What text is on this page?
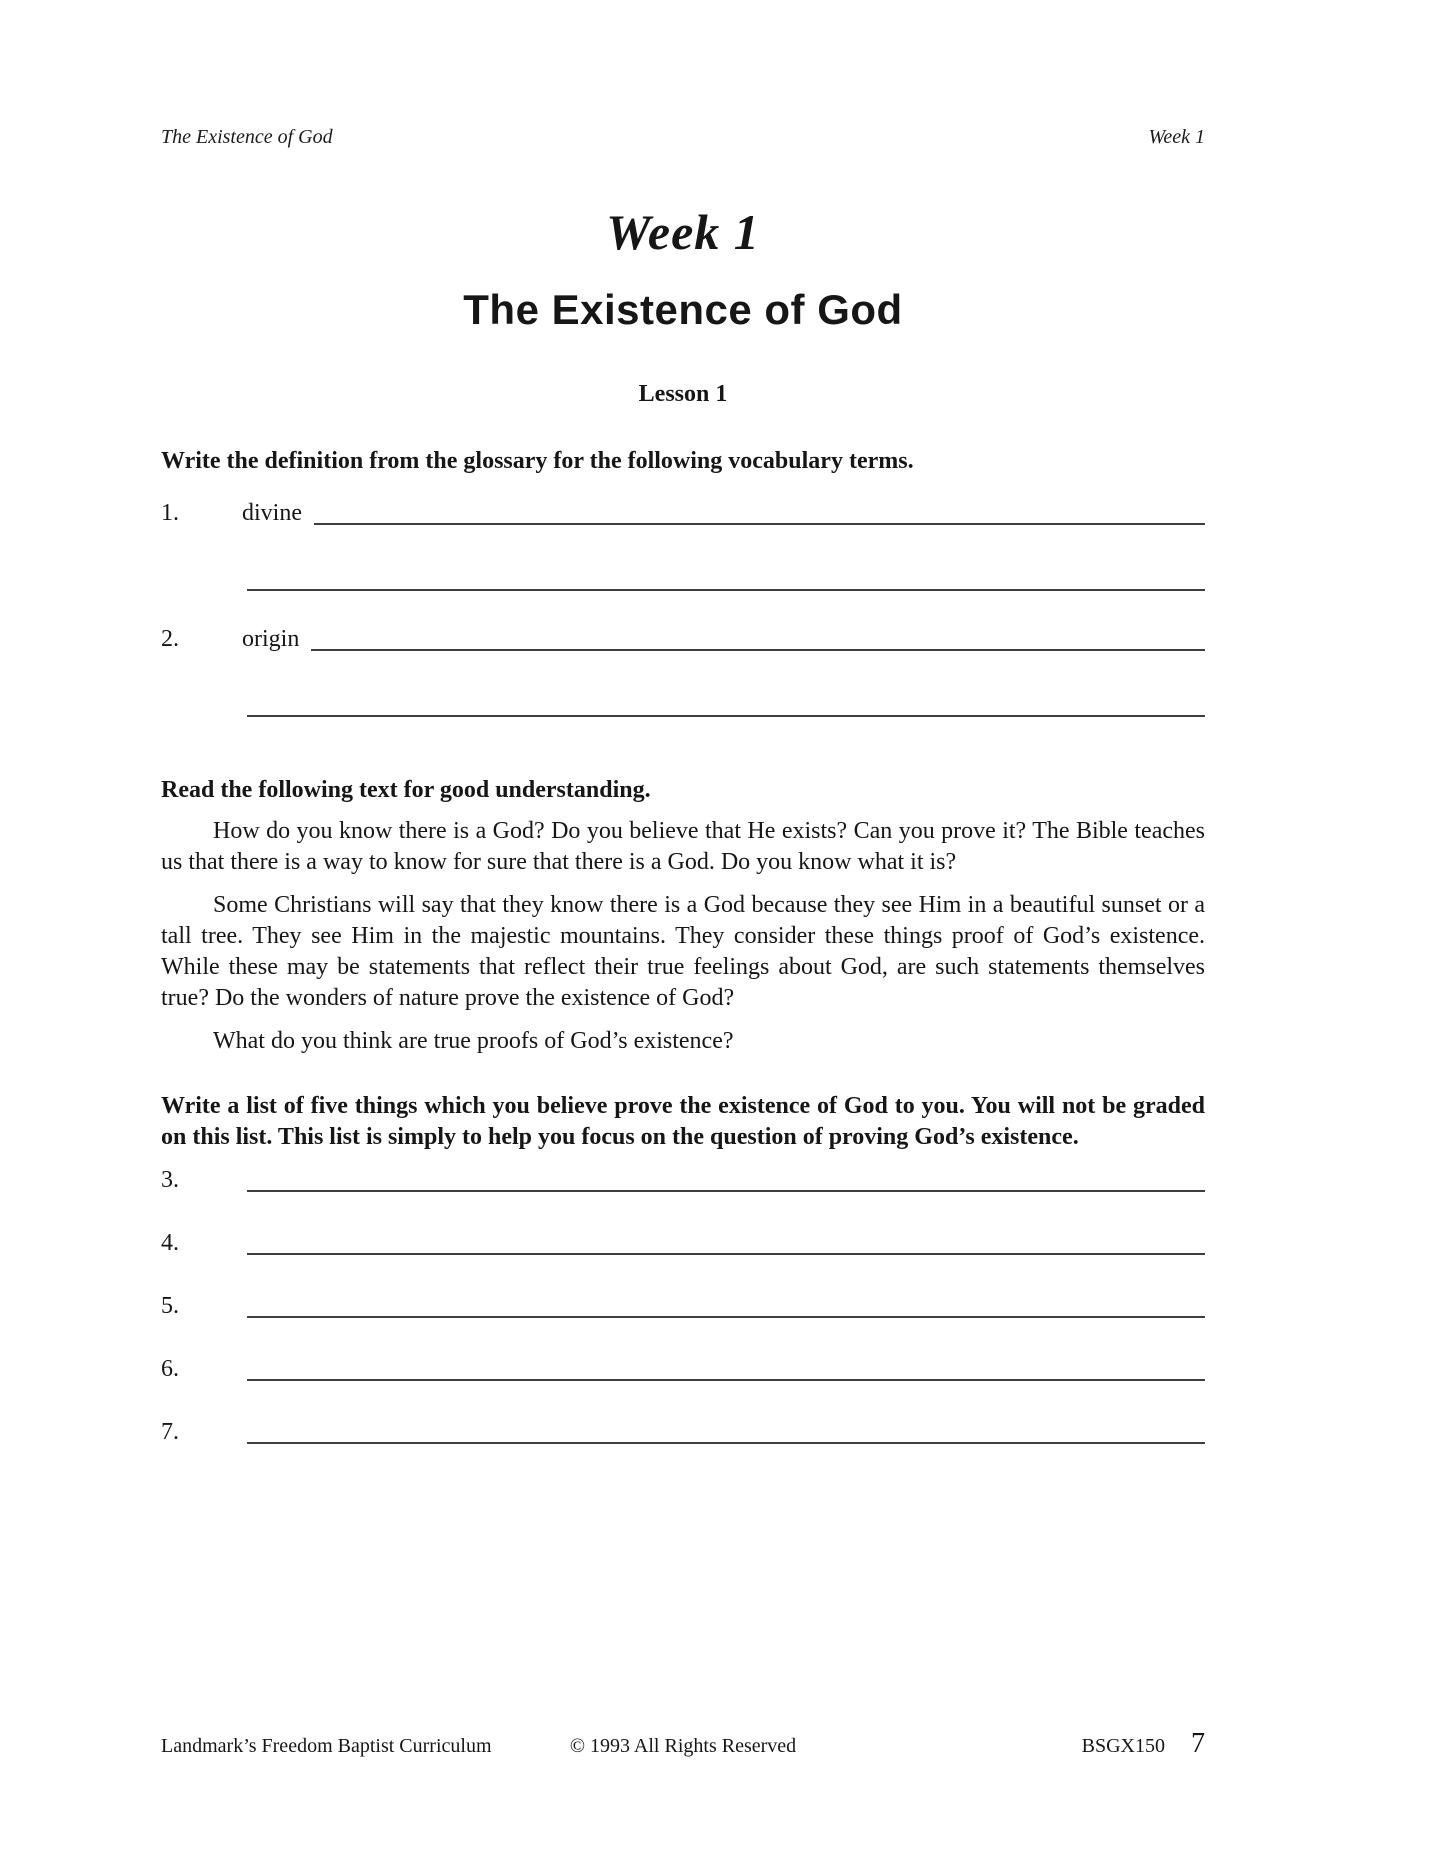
The Existence of God	Week 1
Week 1
The Existence of God
Lesson 1

Write the definition from the glossary for the following vocabulary terms.

1.	divine
2.	origin

Read the following text for good understanding.

How do you know there is a God? Do you believe that He exists? Can you prove it? The Bible teaches us that there is a way to know for sure that there is a God. Do you know what it is?

Some Christians will say that they know there is a God because they see Him in a beautiful sunset or a tall tree. They see Him in the majestic mountains. They consider these things proof of God’s existence. While these may be statements that reflect their true feelings about God, are such statements themselves true? Do the wonders of nature prove the existence of God?

What do you think are true proofs of God’s existence?

Write a list of five things which you believe prove the existence of God to you. You will not be graded on this list. This list is simply to help you focus on the question of proving God’s existence.

3.
4.
5.
6.
7.
Landmark’s Freedom Baptist Curriculum	© 1993 All Rights Reserved	BSGX150 7
